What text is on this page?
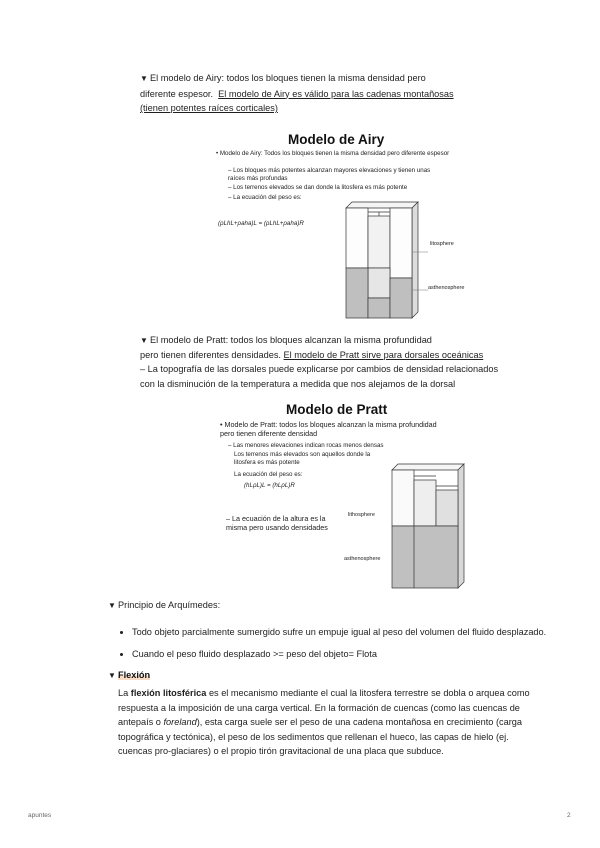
▼ El modelo de Airy: todos los bloques tienen la misma densidad pero
diferente espesor. El modelo de Airy es válido para las cadenas montañosas
(tienen potentes raíces corticales)
Modelo de Airy
• Modelo de Airy: Todos los bloques tienen la misma densidad pero diferente espesor
– Los bloques más potentes alcanzan mayores elevaciones y tienen unas raíces más profundas
– Los terrenos elevados se dan donde la litosfera es más potente
– La ecuación del peso es:
(ρLhL+ρaha)L = (ρLhL+ρaha)R
litosphere
asthenosphere
▼ El modelo de Pratt: todos los bloques alcanzan la misma profundidad
pero tienen diferentes densidades. El modelo de Pratt sirve para dorsales oceánicas
– La topografía de las dorsales puede explicarse por cambios de densidad relacionados
con la disminución de la temperatura a medida que nos alejamos de la dorsal
Modelo de Pratt
• Modelo de Pratt: todos los bloques alcanzan la misma profundidad pero tienen diferente densidad
– Las menores elevaciones indican rocas menos densas
Los terrenos más elevados son aquellos donde la litosfera es más potente
La ecuación del peso es:
(hLρL)L = (hLρL)R
– La ecuación de la altura es la misma pero usando densidades
lithosphere
asthenosphere
▼ Principio de Arquímedes:
• Todo objeto parcialmente sumergido sufre un empuje igual al peso del volumen del fluido desplazado.
• Cuando el peso fluido desplazado >= peso del objeto= Flota
▼ Flexión
La flexión litosférica es el mecanismo mediante el cual la litosfera terrestre se dobla o arquea como respuesta a la imposición de una carga vertical. En la formación de cuencas (como las cuencas de antepaís o foreland), esta carga suele ser el peso de una cadena montañosa en crecimiento (carga topográfica y tectónica), el peso de los sedimentos que rellenan el hueco, las capas de hielo (ej. cuencas pro-glaciares) o el propio tirón gravitacional de una placa que subduce.
apuntes	2
